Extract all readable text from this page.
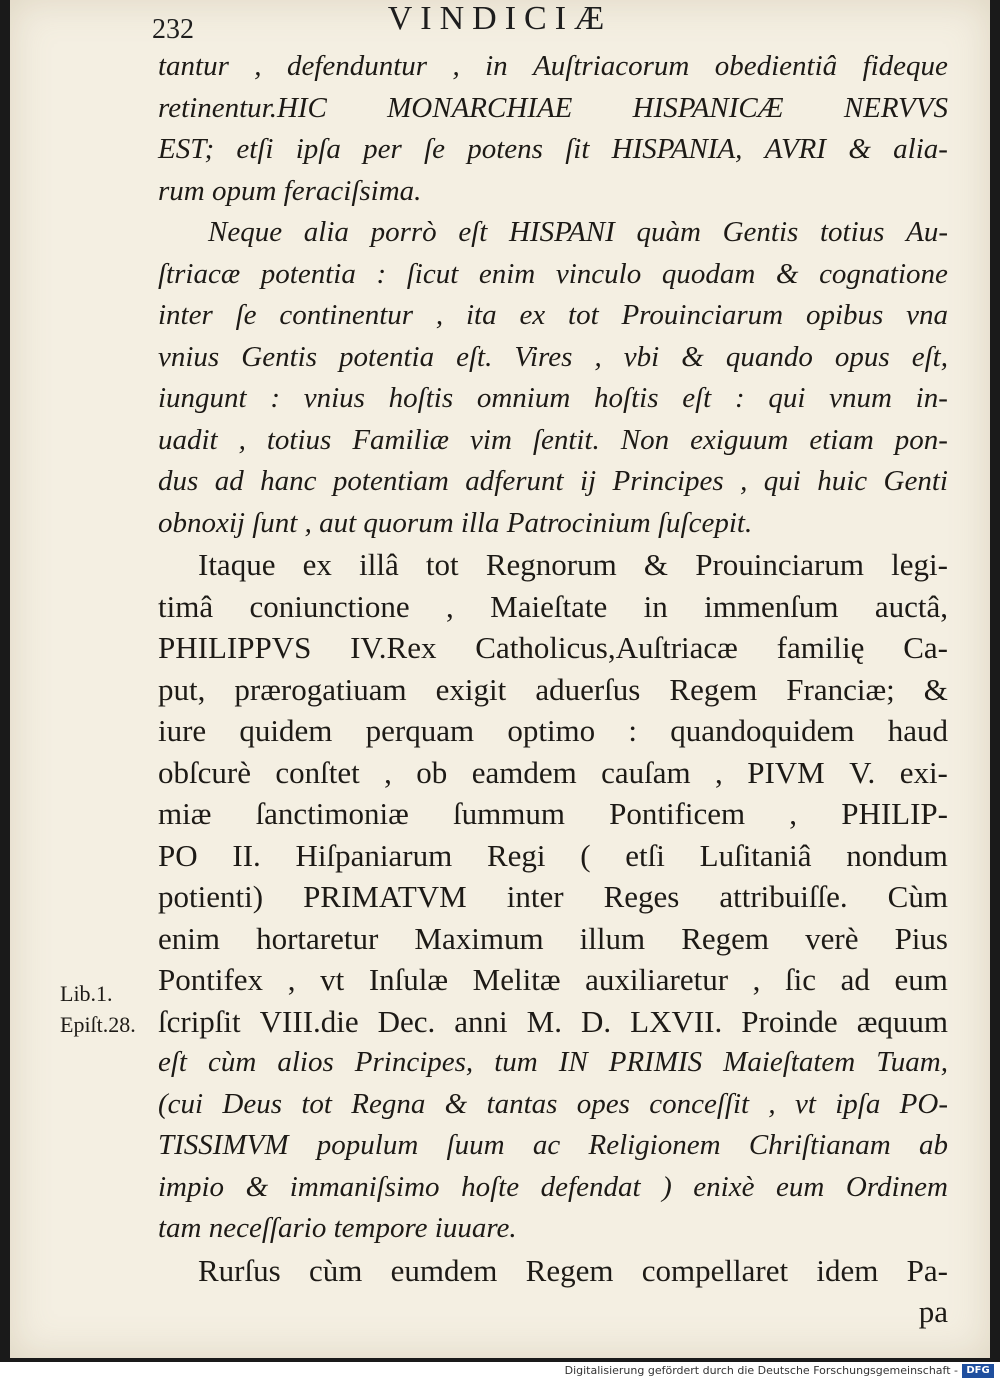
232	VINDICIÆ
tantur , defenduntur , in Auſtriacorum obedientiâ fideque
retinentur.HIC MONARCHIAE HISPANICÆ NERVVS
EST; etſi ipſa per ſe potens ſit HISPANIA, AVRI & alia-
rum opum feraciſsima.
Neque alia porrò eſt HISPANI quàm Gentis totius Au-
ſtriacæ potentia : ſicut enim vinculo quodam & cognatione
inter ſe continentur , ita ex tot Prouinciarum opibus vna
vnius Gentis potentia eſt. Vires , vbi & quando opus eſt,
iungunt : vnius hoſtis omnium hoſtis eſt : qui vnum in-
uadit , totius Familiæ vim ſentit. Non exiguum etiam pon-
dus ad hanc potentiam adferunt ij Principes , qui huic Genti
obnoxij ſunt , aut quorum illa Patrocinium ſuſcepit.
Itaque ex illâ tot Regnorum & Prouinciarum legi-
timâ coniunctione , Maieſtate in immenſum auctâ,
PHILIPPVS IV.Rex Catholicus,Auſtriacæ familię Ca-
put, prærogatiuam exigit aduerſus Regem Franciæ; &
iure quidem perquam optimo : quandoquidem haud
obſcurè conſtet , ob eamdem cauſam , PIVM V. exi-
miæ ſanctimoniæ ſummum Pontificem , PHILIP-
PO II. Hiſpaniarum Regi ( etſi Luſitaniâ nondum
potienti) PRIMATVM inter Reges attribuiſſe. Cùm
enim hortaretur Maximum illum Regem verè Pius
Pontifex , vt Inſulæ Melitæ auxiliaretur , ſic ad eum
ſcripſit VIII.die Dec. anni M. D. LXVII. Proinde æquum
eſt cùm alios Principes, tum IN PRIMIS Maieſtatem Tuam,
(cui Deus tot Regna & tantas opes conceſſit , vt ipſa PO-
TISSIMVM populum ſuum ac Religionem Chriſtianam ab
impio & immaniſsimo hoſte defendat ) enixè eum Ordinem
tam neceſſario tempore iuuare.
Rurſus cùm eumdem Regem compellaret idem Pa-
pa
Lib.1.
Epiſt.28.
Digitalisierung gefördert durch die Deutsche Forschungsgemeinschaft - DFG
